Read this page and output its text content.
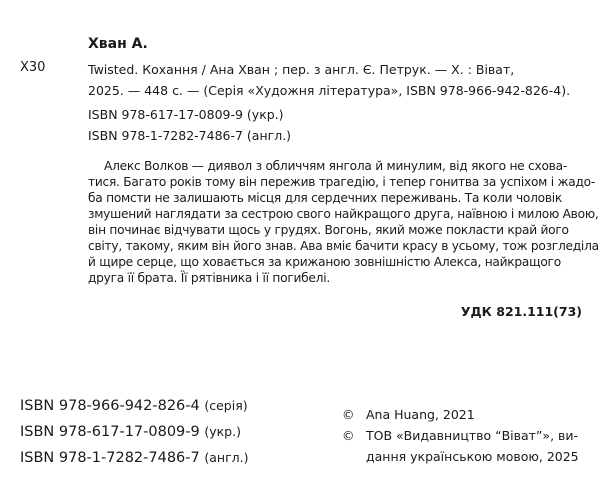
Хван А.
Х30	Twisted. Кохання / Ана Хван ; пер. з англ. Є. Петрук. — Х. : Віват,
2025. — 448 с. — (Серія «Художня література», ISBN 978-966-942-826-4).
ISBN 978-617-17-0809-9 (укр.)
ISBN 978-1-7282-7486-7 (англ.)
Алекс Волков — диявол з обличчям янгола й минулим, від якого не схова-
тися. Багато років тому він пережив трагедію, і тепер гонитва за успіхом і жадо-
ба помсти не залишають місця для сердечних переживань. Та коли чоловік
змушений наглядати за сестрою свого найкращого друга, наївною і милою Авою,
він починає відчувати щось у грудях. Вогонь, який може покласти край його
світу, такому, яким він його знав. Ава вміє бачити красу в усьому, тож розгледіла
й щире серце, що ховається за крижаною зовнішністю Алекса, найкращого
друга її брата. Її рятівника і її погибелі.
УДК 821.111(73)
ISBN 978-966-942-826-4 (серія)
ISBN 978-617-17-0809-9 (укр.)
ISBN 978-1-7282-7486-7 (англ.)
© Ana Huang, 2021
© ТОВ «Видавництво “Віват”», ви-
дання українською мовою, 2025
